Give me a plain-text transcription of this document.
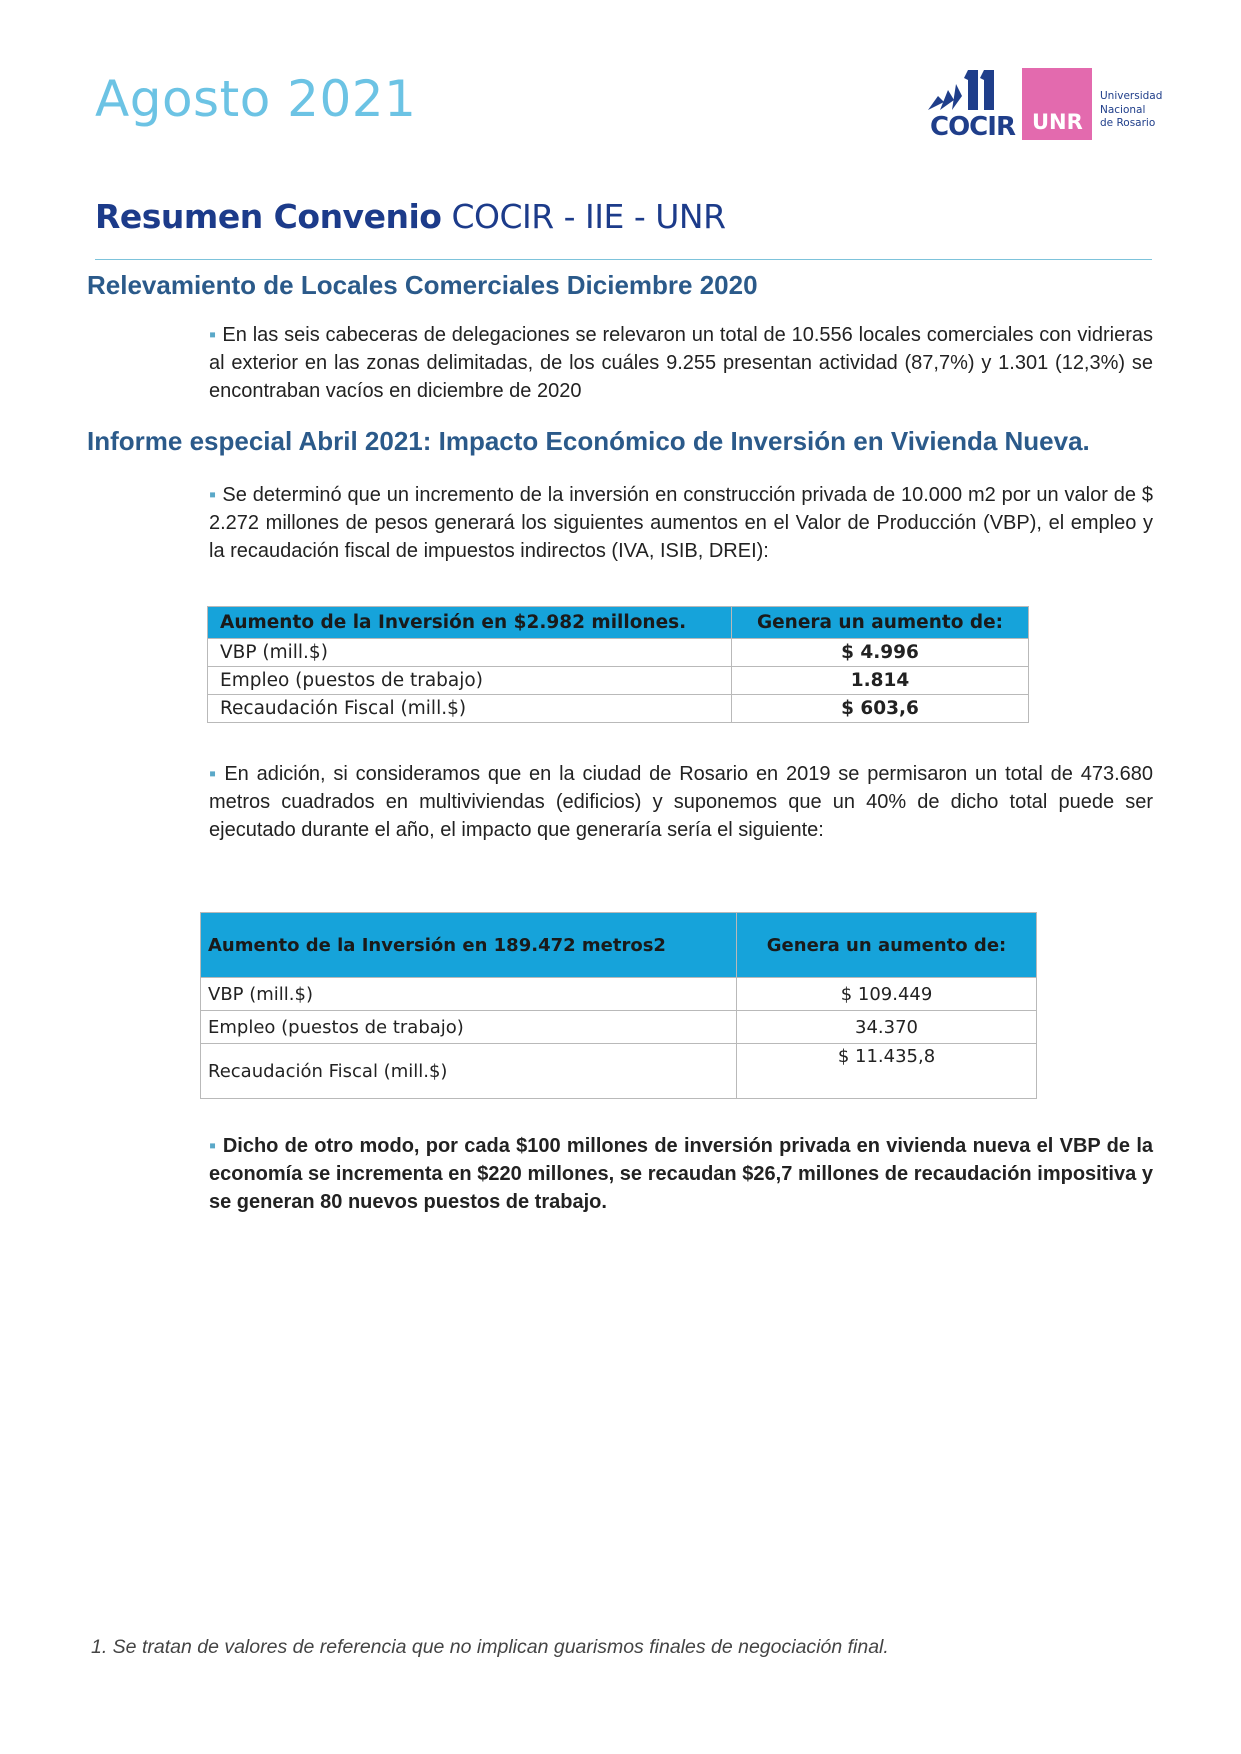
Agosto 2021	COCIR UNR
Universidad
Nacional
de Rosario
Resumen Convenio COCIR - IIE - UNR
Relevamiento de Locales Comerciales Diciembre 2020
▪ En las seis cabeceras de delegaciones se relevaron un total de 10.556 locales comerciales con vidrieras al exterior en las zonas delimitadas, de los cuáles 9.255 presentan actividad (87,7%) y 1.301 (12,3%) se encontraban vacíos en diciembre de 2020
Informe especial Abril 2021: Impacto Económico de Inversión en Vivienda Nueva.
▪ Se determinó que un incremento de la inversión en construcción privada de 10.000 m2 por un valor de $ 2.272 millones de pesos generará los siguientes aumentos en el Valor de Producción (VBP), el empleo y la recaudación fiscal de impuestos indirectos (IVA, ISIB, DREI):
Aumento de la Inversión en $2.982 millones.	Genera un aumento de:
VBP (mill.$)	$ 4.996
Empleo (puestos de trabajo)	1.814
Recaudación Fiscal (mill.$)	$ 603,6
▪ En adición, si consideramos que en la ciudad de Rosario en 2019 se permisaron un total de 473.680 metros cuadrados en multiviviendas (edificios) y suponemos que un 40% de dicho total puede ser ejecutado durante el año, el impacto que generaría sería el siguiente:
Aumento de la Inversión en 189.472 metros2	Genera un aumento de:
VBP (mill.$)	$ 109.449
Empleo (puestos de trabajo)	34.370
Recaudación Fiscal (mill.$)	$ 11.435,8
▪ Dicho de otro modo, por cada $100 millones de inversión privada en vivienda nueva el VBP de la economía se incrementa en $220 millones, se recaudan $26,7 millones de recaudación impositiva y se generan 80 nuevos puestos de trabajo.
1. Se tratan de valores de referencia que no implican guarismos finales de negociación final.
